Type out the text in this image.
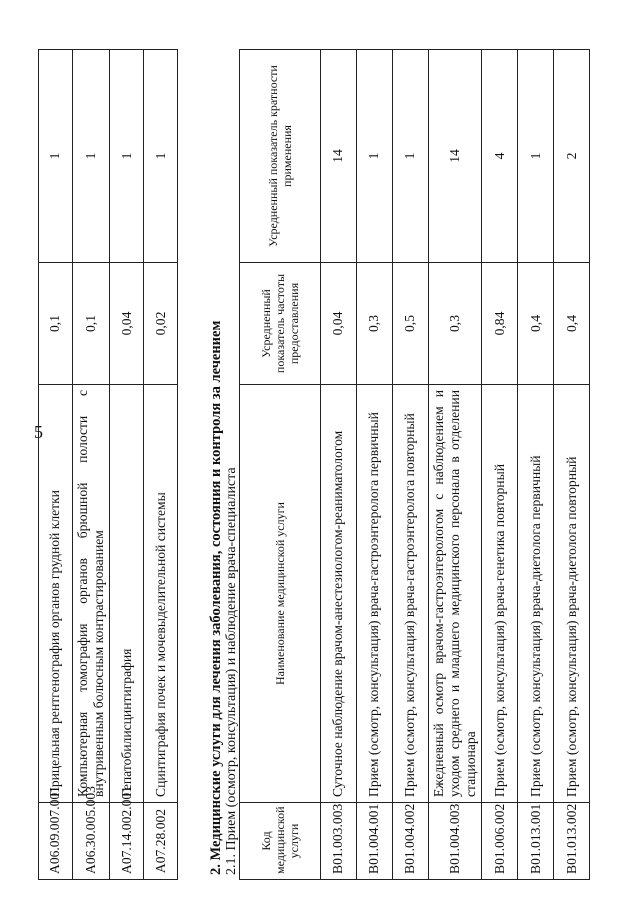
5
A06.09.007.001	Прицельная рентгенография органов грудной клетки	0,1	1
A06.30.005.003	Компьютерная томография органов брюшной полости с внутривенным болюсным контрастированием	0,1	1
A07.14.002.001	Гепатобилисцинтиграфия	0,04	1
A07.28.002	Сцинтиграфия почек и мочевыделительной системы	0,02	1
2. Медицинские услуги для лечения заболевания, состояния и контроля за лечением 2.1. Прием (осмотр, консультация) и наблюдение врача-специалиста Код медицинской услуги	Наименование медицинской услуги	Усредненный показатель частоты предоставления	Усредненный показатель кратности применения
B01.003.003	Суточное наблюдение врачом-анестезиологом-реаниматологом	0,04	14
B01.004.001	Прием (осмотр, консультация) врача-гастроэнтеролога первичный	0,3	1
B01.004.002	Прием (осмотр, консультация) врача-гастроэнтеролога повторный	0,5	1
B01.004.003	Ежедневный осмотр врачом-гастроэнтерологом с наблюдением и уходом среднего и младшего медицинского персонала в отделении стационара	0,3	14
B01.006.002	Прием (осмотр, консультация) врача-генетика повторный	0,84	4
B01.013.001	Прием (осмотр, консультация) врача-диетолога первичный	0,4	1
B01.013.002	Прием (осмотр, консультация) врача-диетолога повторный	0,4	2
